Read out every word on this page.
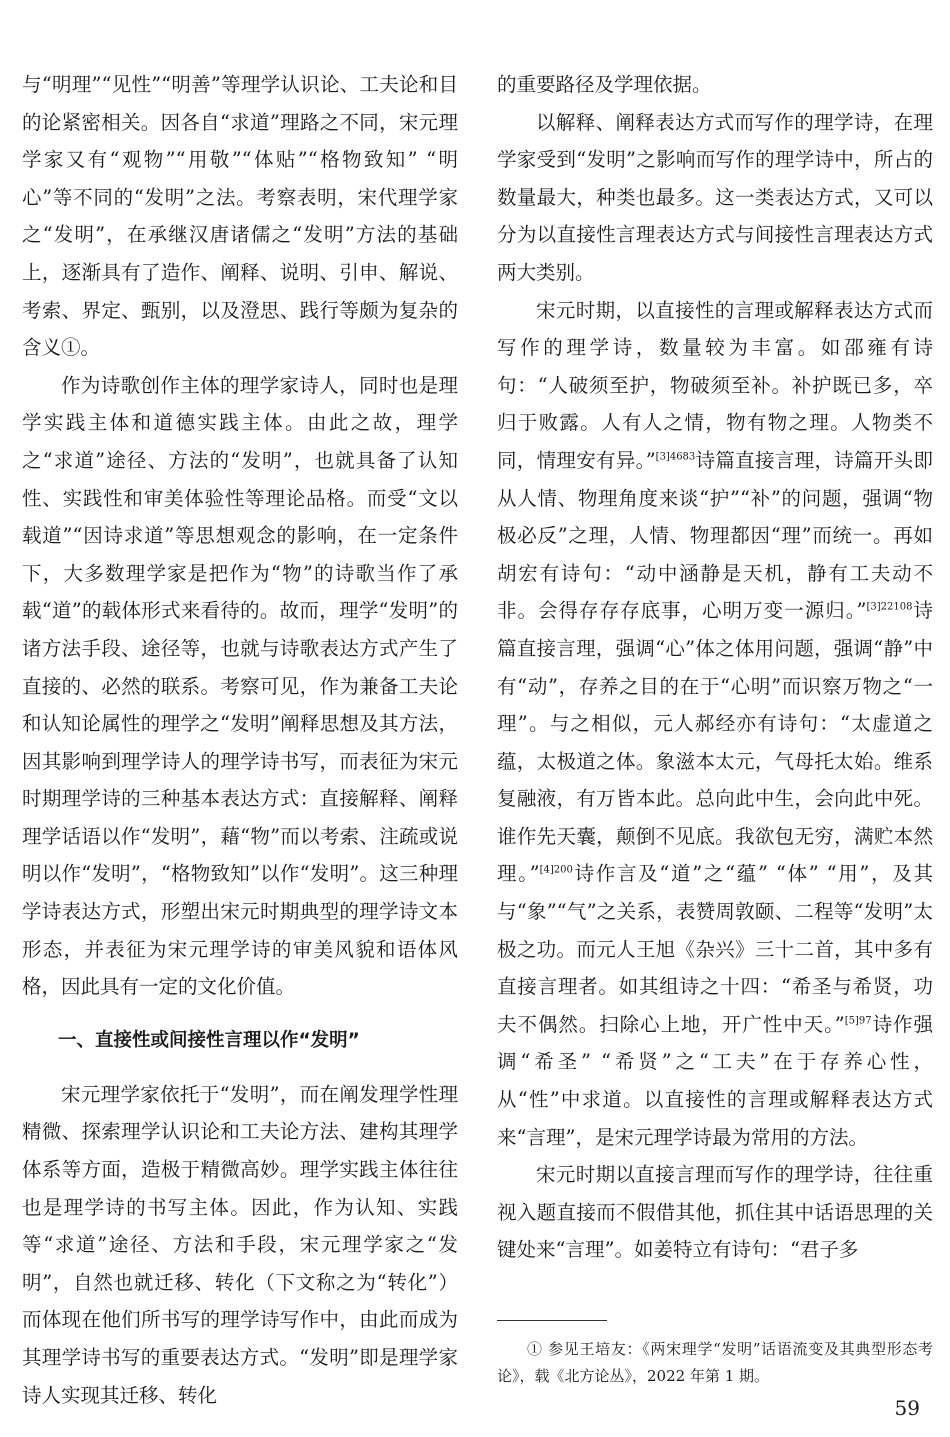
与“明理”“见性”“明善”等理学认识论、工夫论和目的论紧密相关。因各自“求道”理路之不同，宋元理学家又有“观物”“用敬”“体贴”“格物致知” “明心”等不同的“发明”之法。考察表明，宋代理学家之“发明”，在承继汉唐诸儒之“发明”方法的基础上，逐渐具有了造作、阐释、说明、引申、解说、考索、界定、甄别，以及澄思、践行等颇为复杂的含义①。

作为诗歌创作主体的理学家诗人，同时也是理学实践主体和道德实践主体。由此之故，理学之“求道”途径、方法的“发明”，也就具备了认知性、实践性和审美体验性等理论品格。而受“文以载道”“因诗求道”等思想观念的影响，在一定条件下，大多数理学家是把作为“物”的诗歌当作了承载“道”的载体形式来看待的。故而，理学“发明”的诸方法手段、途径等，也就与诗歌表达方式产生了直接的、必然的联系。考察可见，作为兼备工夫论和认知论属性的理学之“发明”阐释思想及其方法，因其影响到理学诗人的理学诗书写，而表征为宋元时期理学诗的三种基本表达方式：直接解释、阐释理学话语以作“发明”，藉“物”而以考索、注疏或说明以作“发明”，“格物致知”以作“发明”。这三种理学诗表达方式，形塑出宋元时期典型的理学诗文本形态，并表征为宋元理学诗的审美风貌和语体风格，因此具有一定的文化价值。

一、直接性或间接性言理以作“发明”

宋元理学家依托于“发明”，而在阐发理学性理精微、探索理学认识论和工夫论方法、建构其理学体系等方面，造极于精微高妙。理学实践主体往往也是理学诗的书写主体。因此，作为认知、实践等“求道”途径、方法和手段，宋元理学家之“发明”，自然也就迁移、转化（下文称之为“转化”）而体现在他们所书写的理学诗写作中，由此而成为其理学诗书写的重要表达方式。“发明”即是理学家诗人实现其迁移、转化

的重要路径及学理依据。

以解释、阐释表达方式而写作的理学诗，在理学家受到“发明”之影响而写作的理学诗中，所占的数量最大，种类也最多。这一类表达方式，又可以分为以直接性言理表达方式与间接性言理表达方式两大类别。

宋元时期，以直接性的言理或解释表达方式而写作的理学诗，数量较为丰富。如邵雍有诗句：“人破须至护，物破须至补。补护既已多，卒归于败露。人有人之情，物有物之理。人物类不同，情理安有异。”$^{[3]4683}$诗篇直接言理，诗篇开头即从人情、物理角度来谈“护”“补”的问题，强调“物极必反”之理，人情、物理都因“理”而统一。再如胡宏有诗句：“动中涵静是天机，静有工夫动不非。会得存存存底事，心明万变一源归。”$^{[3]22108}$诗篇直接言理，强调“心”体之体用问题，强调“静”中有“动”，存养之目的在于“心明”而识察万物之“一理”。与之相似，元人郝经亦有诗句：“太虚道之蕴，太极道之体。象滋本太元，气母托太始。维系复融液，有万皆本此。总向此中生，会向此中死。谁作先天囊，颠倒不见底。我欲包无穷，满贮本然理。”$^{[4]200}$诗作言及“道”之“蕴” “体” “用”，及其与“象”“气”之关系，表赞周敦颐、二程等“发明”太极之功。而元人王旭《杂兴》三十二首，其中多有直接言理者。如其组诗之十四：“希圣与希贤，功夫不偶然。扫除心上地，开广性中天。”$^{[5]97}$诗作强调“希圣” “希贤”之“工夫”在于存养心性，从“性”中求道。以直接性的言理或解释表达方式来“言理”，是宋元理学诗最为常用的方法。

宋元时期以直接言理而写作的理学诗，往往重视入题直接而不假借其他，抓住其中话语思理的关键处来“言理”。如姜特立有诗句：“君子多

① 参见王培友：《两宋理学“发明”话语流变及其典型形态考论》，载《北方论丛》，2022 年第 1 期。
59
